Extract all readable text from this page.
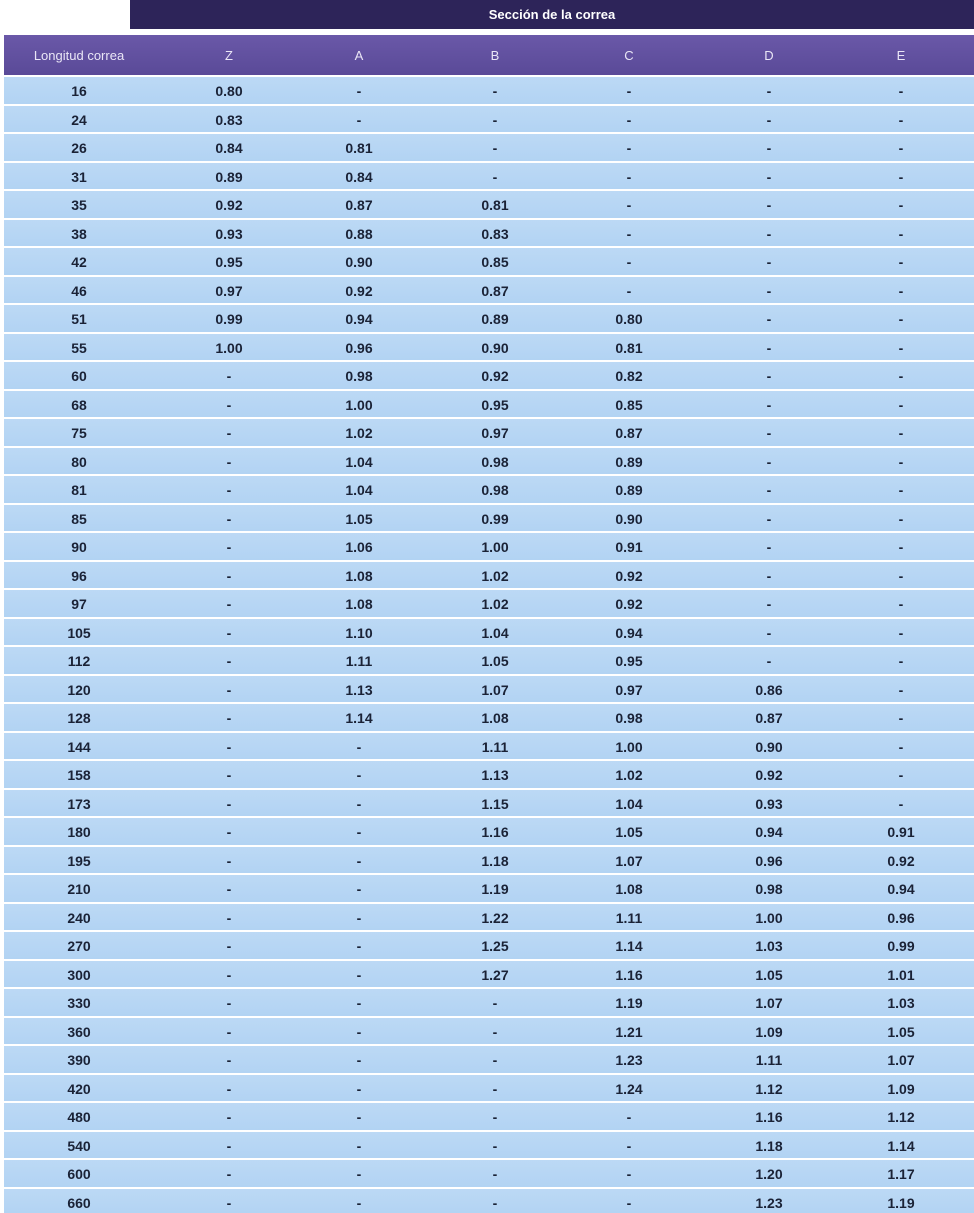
Sección de la correa
Longitud correa	Z	A	B	C	D	E
16	0.80	-	-	-	-	-
24	0.83	-	-	-	-	-
26	0.84	0.81	-	-	-	-
31	0.89	0.84	-	-	-	-
35	0.92	0.87	0.81	-	-	-
38	0.93	0.88	0.83	-	-	-
42	0.95	0.90	0.85	-	-	-
46	0.97	0.92	0.87	-	-	-
51	0.99	0.94	0.89	0.80	-	-
55	1.00	0.96	0.90	0.81	-	-
60	-	0.98	0.92	0.82	-	-
68	-	1.00	0.95	0.85	-	-
75	-	1.02	0.97	0.87	-	-
80	-	1.04	0.98	0.89	-	-
81	-	1.04	0.98	0.89	-	-
85	-	1.05	0.99	0.90	-	-
90	-	1.06	1.00	0.91	-	-
96	-	1.08	1.02	0.92	-	-
97	-	1.08	1.02	0.92	-	-
105	-	1.10	1.04	0.94	-	-
112	-	1.11	1.05	0.95	-	-
120	-	1.13	1.07	0.97	0.86	-
128	-	1.14	1.08	0.98	0.87	-
144	-	-	1.11	1.00	0.90	-
158	-	-	1.13	1.02	0.92	-
173	-	-	1.15	1.04	0.93	-
180	-	-	1.16	1.05	0.94	0.91
195	-	-	1.18	1.07	0.96	0.92
210	-	-	1.19	1.08	0.98	0.94
240	-	-	1.22	1.11	1.00	0.96
270	-	-	1.25	1.14	1.03	0.99
300	-	-	1.27	1.16	1.05	1.01
330	-	-	-	1.19	1.07	1.03
360	-	-	-	1.21	1.09	1.05
390	-	-	-	1.23	1.11	1.07
420	-	-	-	1.24	1.12	1.09
480	-	-	-	-	1.16	1.12
540	-	-	-	-	1.18	1.14
600	-	-	-	-	1.20	1.17
660	-	-	-	-	1.23	1.19
